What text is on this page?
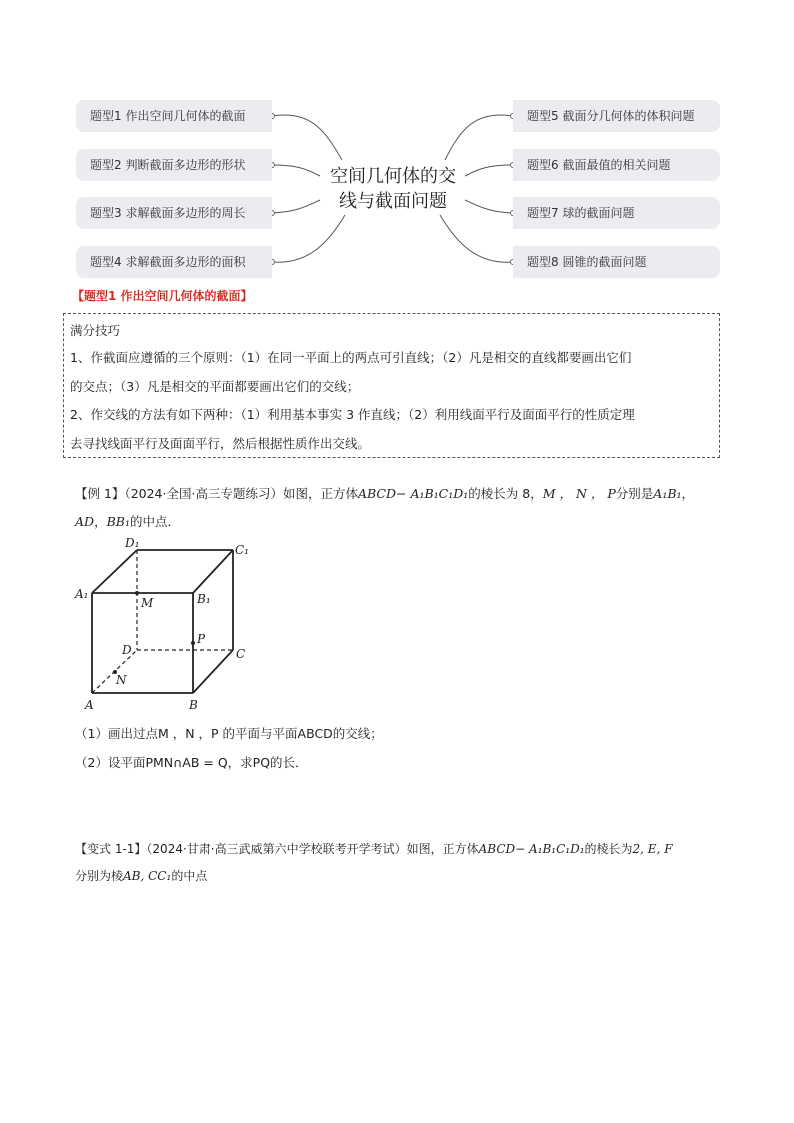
题型1 作出空间几何体的截面
题型2 判断截面多边形的形状
题型3 求解截面多边形的周长
题型4 求解截面多边形的面积
题型5 截面分几何体的体积问题
题型6 截面最值的相关问题
题型7 球的截面问题
题型8 圆锥的截面问题
空间几何体的交
线与截面问题
【题型1 作出空间几何体的截面】
满分技巧
1、作截面应遵循的三个原则：（1）在同一平面上的两点可引直线；（2）凡是相交的直线都要画出它们
的交点；（3）凡是相交的平面都要画出它们的交线；
2、作交线的方法有如下两种：（1）利用基本事实 3 作直线；（2）利用线面平行及面面平行的性质定理
去寻找线面平行及面面平行，然后根据性质作出交线。
【例 1】（2024·全国·高三专题练习）如图，正方体ABCD− A₁B₁C₁D₁的棱长为 8，M ， N ， P分别是A₁B₁，
AD，BB₁的中点．
D₁	C₁
A₁
M	B₁
P
D	C
N
A	B
（1）画出过点M ，N ，P 的平面与平面ABCD的交线；
（2）设平面PMN∩AB = Q，求PQ的长．
【变式 1-1】（2024·甘肃·高三武威第六中学校联考开学考试）如图，正方体ABCD− A₁B₁C₁D₁的棱长为2, E, F
分别为棱AB, CC₁的中点
